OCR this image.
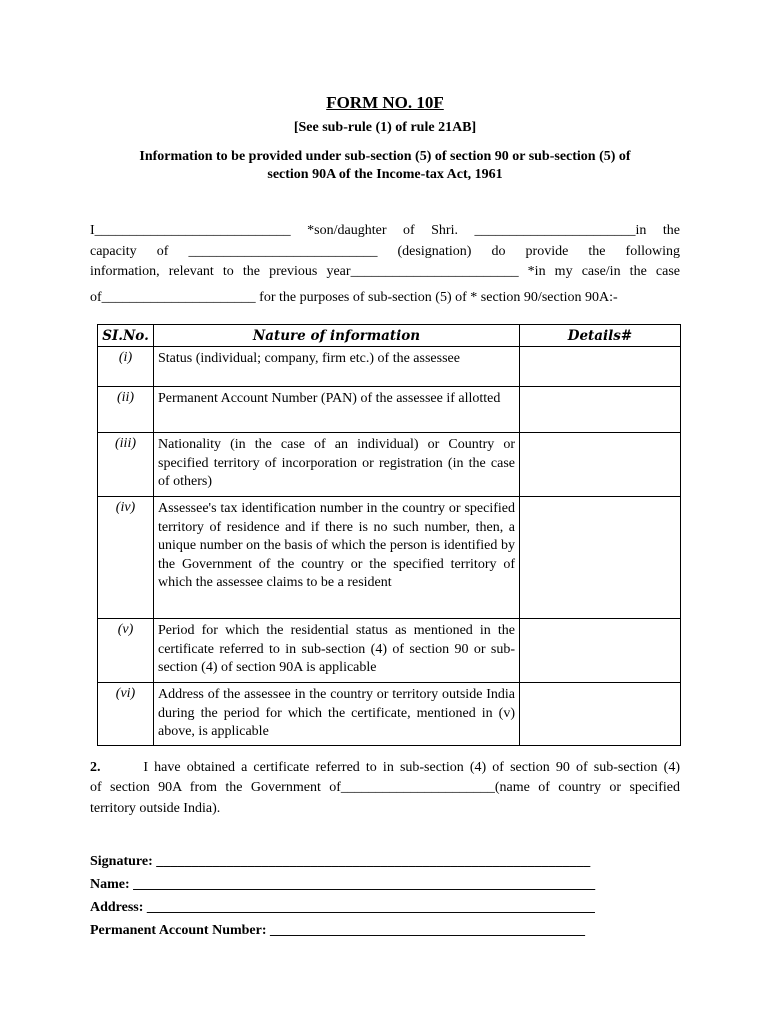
FORM NO. 10F
[See sub-rule (1) of rule 21AB]
Information to be provided under sub-section (5) of section 90 or sub-section (5) of
section 90A of the Income-tax Act, 1961
I____________________________ *son/daughter of Shri. _______________________in the
capacity of ___________________________ (designation) do provide the following
information, relevant to the previous year________________________ *in my case/in the case
of______________________ for the purposes of sub-section (5) of * section 90/section 90A:-
SI.No.	Nature of information	Details#
(i)	Status (individual; company, firm etc.) of the assessee	
(ii)	Permanent Account Number (PAN) of the assessee if allotted	
(iii)	Nationality (in the case of an individual) or Country or specified territory of incorporation or registration (in the case of others)	
(iv)	Assessee's tax identification number in the country or specified territory of residence and if there is no such number, then, a unique number on the basis of which the person is identified by the Government of the country or the specified territory of which the assessee claims to be a resident	
(v)	Period for which the residential status as mentioned in the certificate referred to in sub-section (4) of section 90 or sub-section (4) of section 90A is applicable	
(vi)	Address of the assessee in the country or territory outside India during the period for which the certificate, mentioned in (v) above, is applicable	
2.	I have obtained a certificate referred to in sub-section (4) of section 90 of sub-section (4)
of section 90A from the Government of______________________(name of country or specified
territory outside India).
Signature: ______________________________________________________________
Name: __________________________________________________________________
Address: ________________________________________________________________
Permanent Account Number: _____________________________________________
